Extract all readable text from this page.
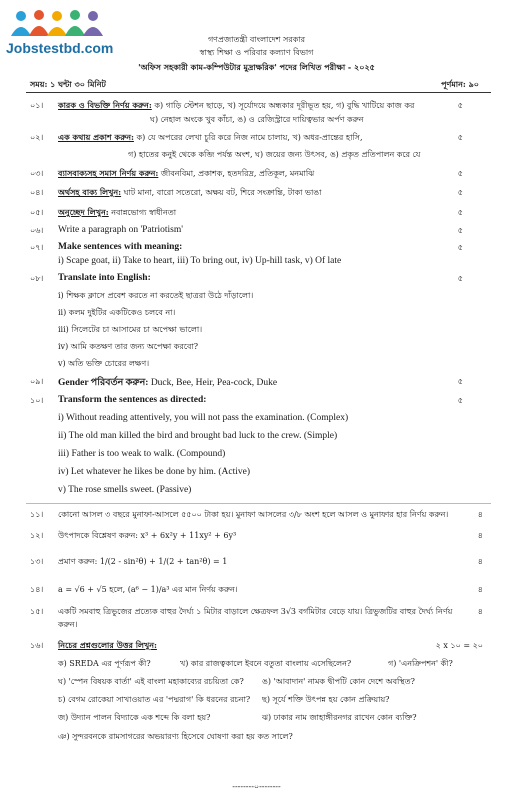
Jobstestbd.com
গণপ্রজাতন্ত্রী বাংলাদেশ সরকার
স্বাস্থ্য শিক্ষা ও পরিবার কল্যাণ বিভাগ
'অফিস সহকারী কাম-কম্পিউটার মুদ্রাক্ষরিক' পদের লিখিত পরীক্ষা - ২০২৫
সময়: ১ ঘন্টা ৩০ মিনিট	পূর্ণমান: ৯০
০১। কারক ও বিভক্তি নির্ণয় করুন: ক) গাড়ি স্টেশন ছাড়ে, খ) সূর্যোদয়ে অন্ধকার দূরীভূত হয়, গ) বুদ্ধি খাটিয়ে কাজ কর	৫
ঘ) নেহাল অংকে খুব কাঁচা, ঙ) ও রেজিস্ট্রারে দায়িত্বভার অর্পণ করুন
০২। এক কথায় প্রকাশ করুন: ক) যে অপরের লেখা চুরি করে নিজ নামে চালায়, খ) অধর-প্রান্তের হাসি,	৫
গ) হাতের কনুই থেকে কব্জি পর্যন্ত অংশ, ঘ) জয়ের জন্য উৎসব, ঙ) প্রকৃত প্রতিপালন করে যে
০৩। ব্যাসবাক্যসহ সমাস নির্ণয় করুন: জীবনবিমা, প্রকাশক, হতদরিদ্র, প্রতিকূল, মনমাঝি	৫
০৪। অর্থসহ বাক্য লিখুন: ঘাট মানা, বারো সতেরো, অক্ষয় বট, শিরে সংক্রান্তি, টাকা ভাঙা	৫
০৫। অনুচ্ছেদ লিখুন: নবান্নভোগ্য স্বাধীনতা	৫
০৬। Write a paragraph on 'Patriotism'	৫
০৭। Make sentences with meaning:	৫
i) Scape goat, ii) Take to heart, iii) To bring out, iv) Up-hill task, v) Of late
০৮। Translate into English:	৫
i) শিক্ষক ক্লাসে প্রবেশ করতে না করতেই ছাত্ররা উঠে দাঁড়ালো।
ii) কলম দুইটির একটিকেও চলবে না।
iii) সিলেটের চা আসামের চা অপেক্ষা ভালো।
iv) আমি কতক্ষণ তার জন্য অপেক্ষা করবো?
v) অতি ভক্তি চোরের লক্ষণ।
০৯। Gender পরিবর্তন করুন: Duck, Bee, Heir, Pea-cock, Duke	৫
১০। Transform the sentences as directed:	৫
i) Without reading attentively, you will not pass the examination. (Complex)
ii) The old man killed the bird and brought bad luck to the crew. (Simple)
iii) Father is too weak to walk. (Compound)
iv) Let whatever he likes be done by him. (Active)
v) The rose smells sweet. (Passive)
১১। কোনো আসল ৩ বছরে মুনাফা-আসলে ৫৫০০ টাকা হয়। মুনাফা আসলের ৩/৮ অংশ হলে আসল ও মুনাফার হার নির্ণয় করুন।	৪
১২। উৎপাদকে বিশ্লেষণ করুন: x³ + 6x²y + 11xy² + 6y³	৪
১৩। প্রমাণ করুন: 1/(2 - sin²θ) + 1/(2 + tan²θ) = 1	৪
১৪। a = √6 + √5 হলে, (a⁶ − 1)/a³ এর মান নির্ণয় করুন।	৪
১৫। একটি সমবাহু ত্রিভুজের প্রত্যেক বাহুর দৈর্ঘ্য ১ মিটার বাড়ালে ক্ষেত্রফল 3√3 বর্গমিটার বেড়ে যায়। ত্রিভুজটির বাহুর দৈর্ঘ্য নির্ণয়	৪
করুন।
১৬। নিচের প্রশ্নগুলোর উত্তর লিখুন:	২ x ১০ = ২০
ক) SREDA এর পূর্ণরূপ কী?	খ) কার রাজত্বকালে ইবনে বতুতা বাংলায় এসেছিলেন?	গ) 'এনক্রিপশন' কী?
ঘ) 'স্পেন বিষয়ক বার্তা' এই বাংলা মহাকাব্যের রচয়িতা কে? ঙ) 'আবাদান' নামক দ্বীপটি কোন দেশে অবস্থিত?
চ) বেগম রোকেয়া সাখাওয়াত এর 'পদ্মরাগ' কি ধরনের রচনা? ছ) সূর্যে শক্তি উৎপন্ন হয় কোন প্রক্রিয়ায়?
জ) উদ্যান পালন বিদ্যাকে এক শব্দে কি বলা হয়?	ঝ) ঢাকার নাম জাহাঙ্গীরনগর রাখেন কোন ব্যক্তি?
ঞ) সুন্দরবনকে রামসাগরের অভয়ারণ্য হিসেবে ঘোষণা করা হয় কত সালে?
--------০--------
